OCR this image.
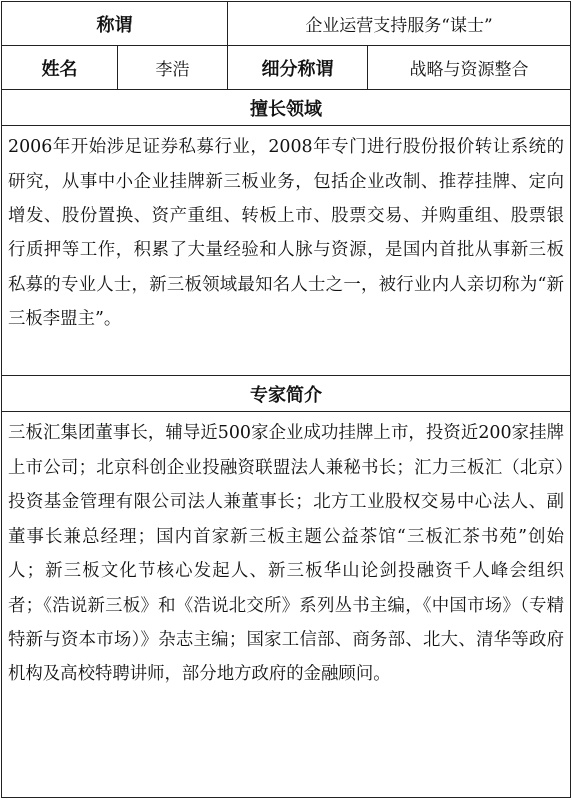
称谓		企业运营支持服务“谋士”	
姓名	李浩	细分称谓	战略与资源整合
擅长领域			
2006年开始涉足证券私募行业，2008年专门进行股份报价转让系统的研究，从事中小企业挂牌新三板业务，包括企业改制、推荐挂牌、定向增发、股份置换、资产重组、转板上市、股票交易、并购重组、股票银行质押等工作，积累了大量经验和人脉与资源，是国内首批从事新三板私募的专业人士，新三板领域最知名人士之一，被行业内人亲切称为“新三板李盟主”。			
专家简介			
三板汇集团董事长，辅导近500家企业成功挂牌上市，投资近200家挂牌上市公司；北京科创企业投融资联盟法人兼秘书长；汇力三板汇（北京）投资基金管理有限公司法人兼董事长；北方工业股权交易中心法人、副董事长兼总经理；国内首家新三板主题公益茶馆“三板汇茶书苑”创始人；新三板文化节核心发起人、新三板华山论剑投融资千人峰会组织者；《浩说新三板》和《浩说北交所》系列丛书主编，《中国市场》（专精特新与资本市场）》杂志主编；国家工信部、商务部、北大、清华等政府机构及高校特聘讲师，部分地方政府的金融顾问。			
